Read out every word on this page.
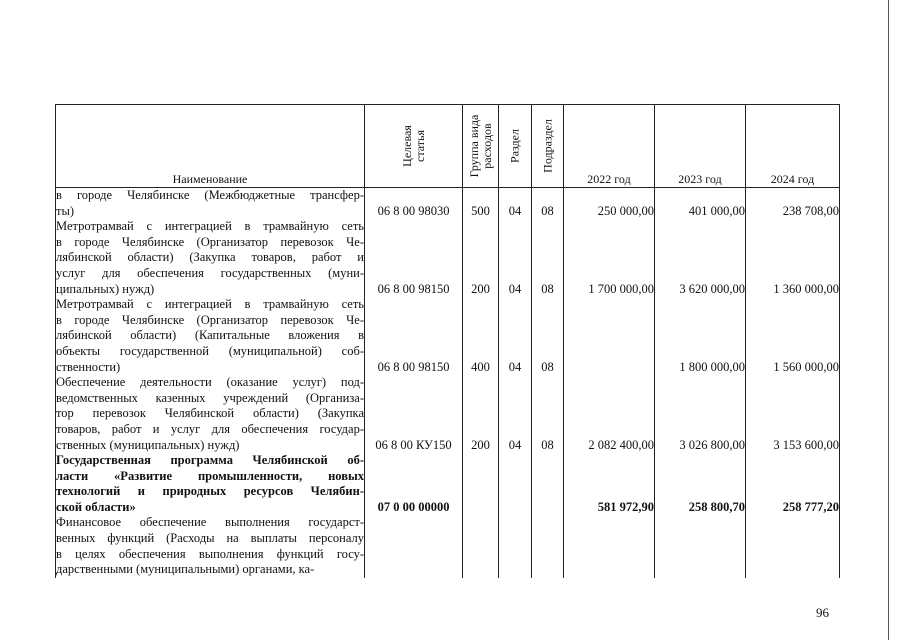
Наименование	Целевая статья	Группа вида расходов	Раздел	Подраздел	2022 год	2023 год	2024 год

в городе Челябинске (Межбюджетные трансфер-
ты)	06 8 00 98030	500	04	08	250 000,00	401 000,00	238 708,00

Метротрамвай с интеграцией в трамвайную сеть
в городе Челябинске (Организатор перевозок Че-
лябинской области) (Закупка товаров, работ и
услуг для обеспечения государственных (муни-
ципальных) нужд)	06 8 00 98150	200	04	08	1 700 000,00	3 620 000,00	1 360 000,00

Метротрамвай с интеграцией в трамвайную сеть
в городе Челябинске (Организатор перевозок Че-
лябинской области) (Капитальные вложения в
объекты государственной (муниципальной) соб-
ственности)	06 8 00 98150	400	04	08		1 800 000,00	1 560 000,00

Обеспечение деятельности (оказание услуг) под-
ведомственных казенных учреждений (Организа-
тор перевозок Челябинской области) (Закупка
товаров, работ и услуг для обеспечения государ-
ственных (муниципальных) нужд)	06 8 00 КУ150	200	04	08	2 082 400,00	3 026 800,00	3 153 600,00

Государственная программа Челябинской об-
ласти «Развитие промышленности, новых
технологий и природных ресурсов Челябин-
ской области»	07 0 00 00000				581 972,90	258 800,70	258 777,20

Финансовое обеспечение выполнения государст-
венных функций (Расходы на выплаты персоналу
в целях обеспечения выполнения функций госу-
дарственными (муниципальными) органами, ка-							

96
